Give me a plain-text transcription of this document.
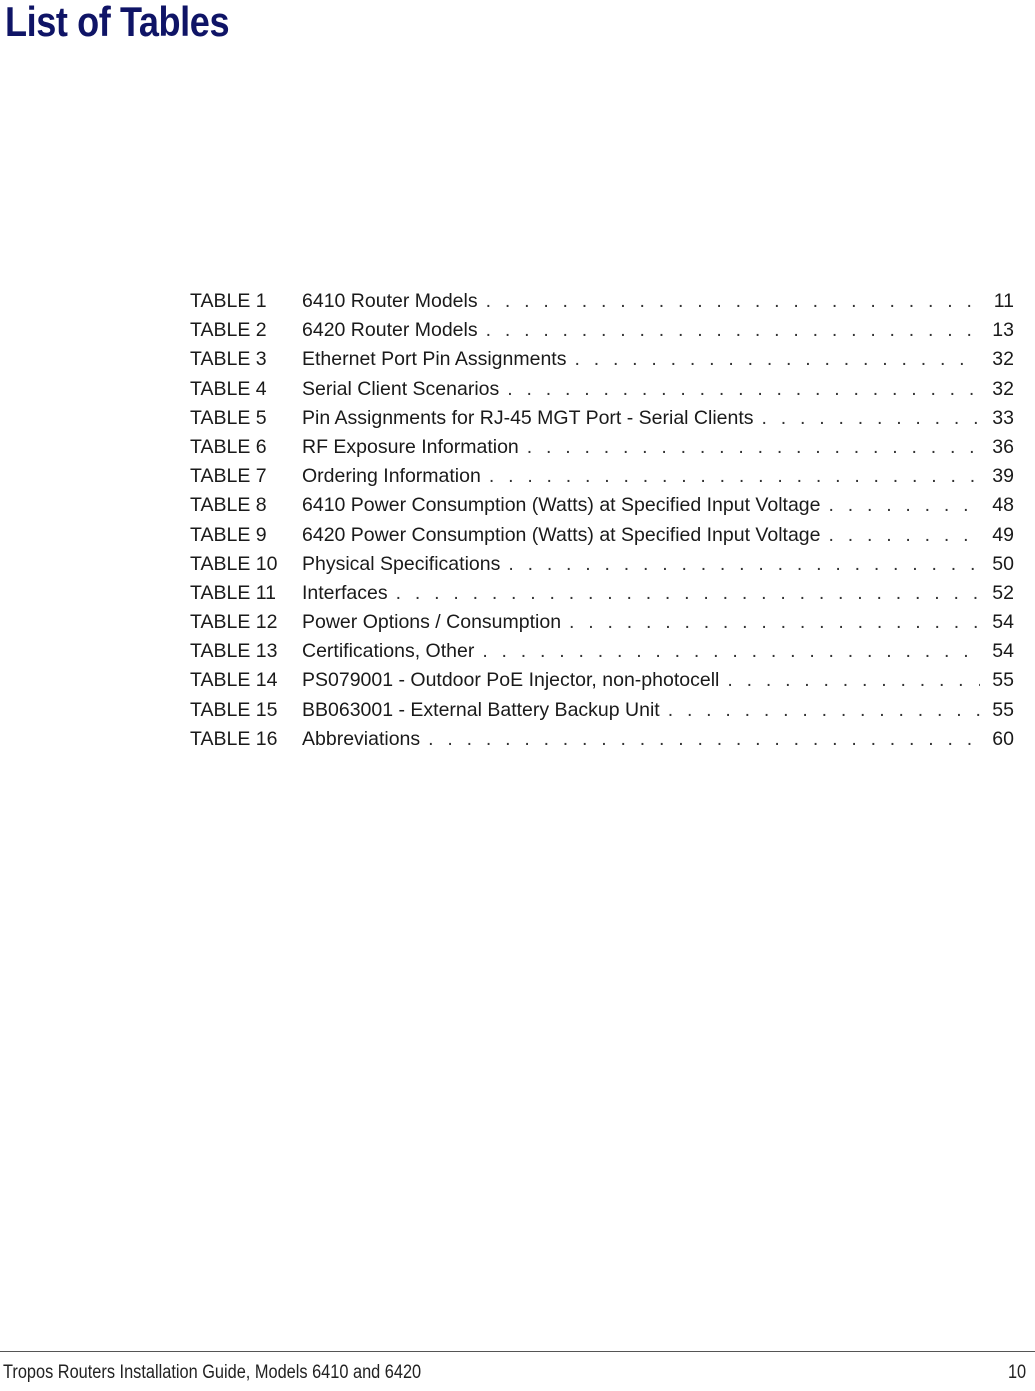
List of Tables
TABLE 1	6410 Router Models . . .	11
TABLE 2	6420 Router Models . . .	13
TABLE 3	Ethernet Port Pin Assignments . . .	32
TABLE 4	Serial Client Scenarios . . .	32
TABLE 5	Pin Assignments for RJ-45 MGT Port - Serial Clients . . .	33
TABLE 6	RF Exposure Information . . .	36
TABLE 7	Ordering Information . . .	39
TABLE 8	6410 Power Consumption (Watts) at Specified Input Voltage . . .	48
TABLE 9	6420 Power Consumption (Watts) at Specified Input Voltage . . .	49
TABLE 10	Physical Specifications . . .	50
TABLE 11	Interfaces . . .	52
TABLE 12	Power Options / Consumption . . .	54
TABLE 13	Certifications, Other . . .	54
TABLE 14	PS079001 - Outdoor PoE Injector, non-photocell . . .	55
TABLE 15	BB063001 - External Battery Backup Unit . . .	55
TABLE 16	Abbreviations . . .	60
Tropos Routers Installation Guide, Models 6410 and 6420	10
